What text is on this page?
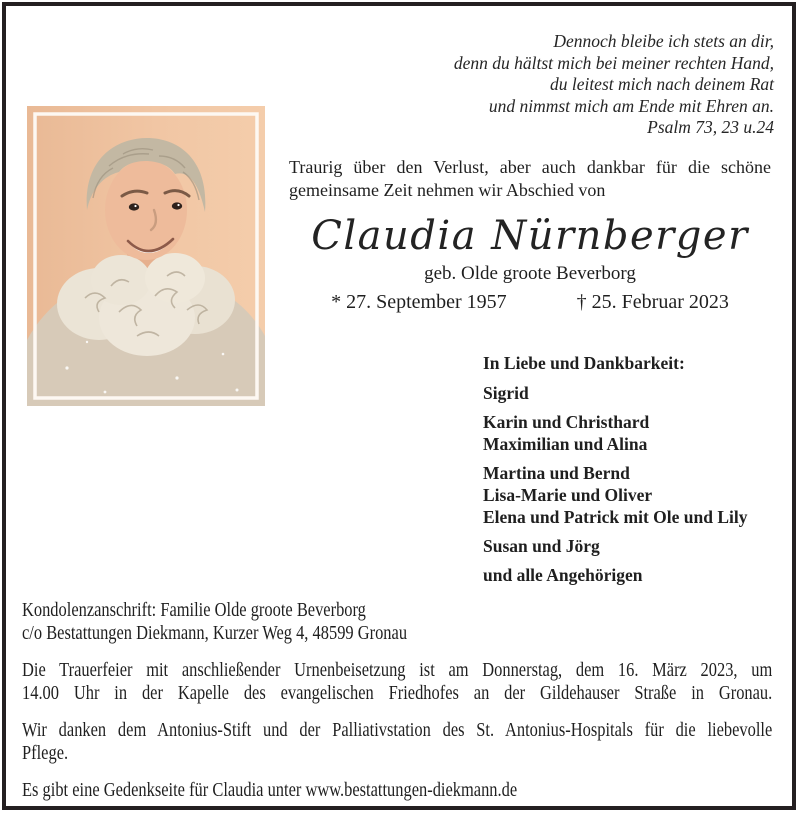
Dennoch bleibe ich stets an dir,
denn du hältst mich bei meiner rechten Hand,
du leitest mich nach deinem Rat
und nimmst mich am Ende mit Ehren an.
Psalm 73, 23 u.24
Traurig über den Verlust, aber auch dankbar für die schöne
gemeinsame Zeit nehmen wir Abschied von
Claudia Nürnberger
geb. Olde groote Beverborg
* 27. September 1957	† 25. Februar 2023
In Liebe und Dankbarkeit:
Sigrid
Karin und Christhard
Maximilian und Alina
Martina und Bernd
Lisa-Marie und Oliver
Elena und Patrick mit Ole und Lily
Susan und Jörg
und alle Angehörigen

Kondolenzanschrift: Familie Olde groote Beverborg
c/o Bestattungen Diekmann, Kurzer Weg 4, 48599 Gronau

Die Trauerfeier mit anschließender Urnenbeisetzung ist am Donnerstag, dem 16. März 2023, um
14.00 Uhr in der Kapelle des evangelischen Friedhofes an der Gildehauser Straße in Gronau.

Wir danken dem Antonius-Stift und der Palliativstation des St. Antonius-Hospitals für die liebevolle
Pflege.

Es gibt eine Gedenkseite für Claudia unter www.bestattungen-diekmann.de
